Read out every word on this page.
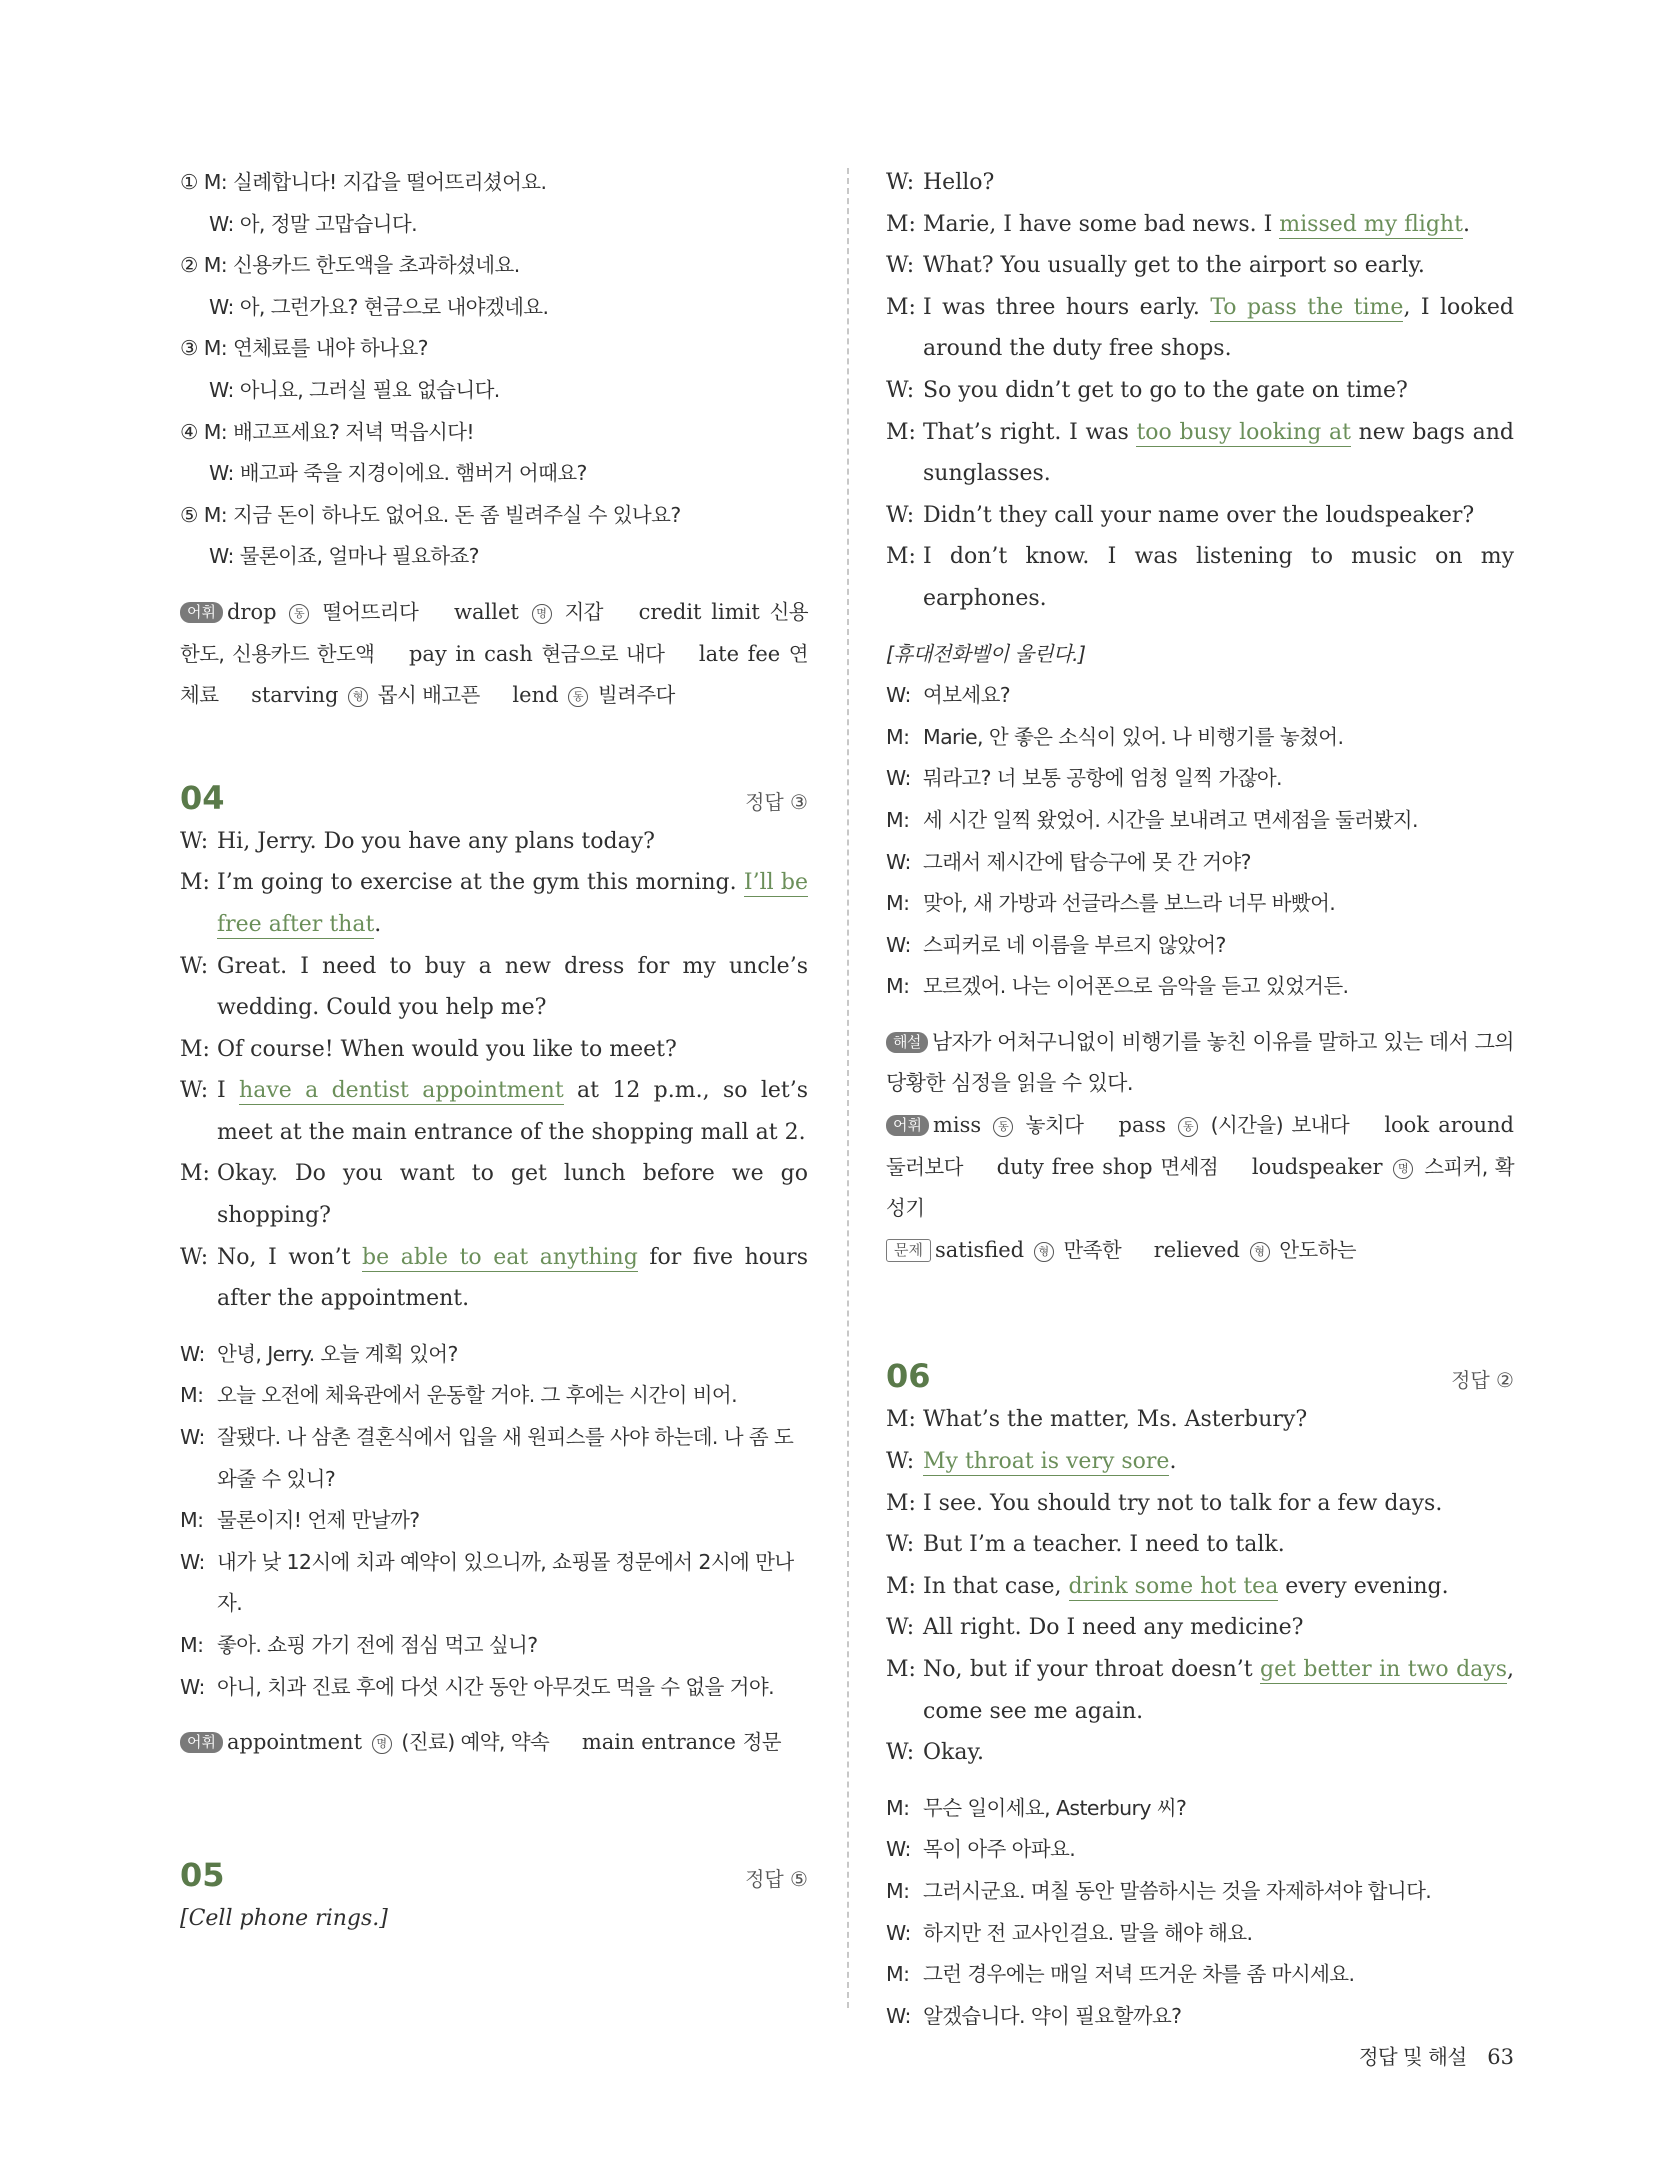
① M: 실례합니다! 지갑을 떨어뜨리셨어요.
W: 아, 정말 고맙습니다.
② M: 신용카드 한도액을 초과하셨네요.
W: 아, 그런가요? 현금으로 내야겠네요.
③ M: 연체료를 내야 하나요?
W: 아니요, 그러실 필요 없습니다.
④ M: 배고프세요? 저녁 먹읍시다!
W: 배고파 죽을 지경이에요. 햄버거 어때요?
⑤ M: 지금 돈이 하나도 없어요. 돈 좀 빌려주실 수 있나요?
W: 물론이죠, 얼마나 필요하죠?
어휘 drop 동 떨어뜨리다 wallet 명 지갑 credit limit 신용 한도, 신용카드 한도액 pay in cash 현금으로 내다 late fee 연체료 starving 형 몹시 배고픈 lend 동 빌려주다
04	정답 ③
W: Hi, Jerry. Do you have any plans today?
M: I’m going to exercise at the gym this morning. I’ll be free after that.
W: Great. I need to buy a new dress for my uncle’s wedding. Could you help me?
M: Of course! When would you like to meet?
W: I have a dentist appointment at 12 p.m., so let’s meet at the main entrance of the shopping mall at 2.
M: Okay. Do you want to get lunch before we go shopping?
W: No, I won’t be able to eat anything for five hours after the appointment.
W: 안녕, Jerry. 오늘 계획 있어?
M: 오늘 오전에 체육관에서 운동할 거야. 그 후에는 시간이 비어.
W: 잘됐다. 나 삼촌 결혼식에서 입을 새 원피스를 사야 하는데. 나 좀 도와줄 수 있니?
M: 물론이지! 언제 만날까?
W: 내가 낮 12시에 치과 예약이 있으니까, 쇼핑몰 정문에서 2시에 만나자.
M: 좋아. 쇼핑 가기 전에 점심 먹고 싶니?
W: 아니, 치과 진료 후에 다섯 시간 동안 아무것도 먹을 수 없을 거야.
어휘 appointment 명 (진료) 예약, 약속 main entrance 정문
05	정답 ⑤
[Cell phone rings.]
W: Hello?
M: Marie, I have some bad news. I missed my flight.
W: What? You usually get to the airport so early.
M: I was three hours early. To pass the time, I looked around the duty free shops.
W: So you didn’t get to go to the gate on time?
M: That’s right. I was too busy looking at new bags and sunglasses.
W: Didn’t they call your name over the loudspeaker?
M: I don’t know. I was listening to music on my earphones.
[휴대전화벨이 울린다.]
W: 여보세요?
M: Marie, 안 좋은 소식이 있어. 나 비행기를 놓쳤어.
W: 뭐라고? 너 보통 공항에 엄청 일찍 가잖아.
M: 세 시간 일찍 왔었어. 시간을 보내려고 면세점을 둘러봤지.
W: 그래서 제시간에 탑승구에 못 간 거야?
M: 맞아, 새 가방과 선글라스를 보느라 너무 바빴어.
W: 스피커로 네 이름을 부르지 않았어?
M: 모르겠어. 나는 이어폰으로 음악을 듣고 있었거든.
해설 남자가 어처구니없이 비행기를 놓친 이유를 말하고 있는 데서 그의 당황한 심정을 읽을 수 있다.
어휘 miss 동 놓치다 pass 동 (시간을) 보내다 look around 둘러보다 duty free shop 면세점 loudspeaker 명 스피커, 확성기
문제 satisfied 형 만족한 relieved 형 안도하는
06	정답 ②
M: What’s the matter, Ms. Asterbury?
W: My throat is very sore.
M: I see. You should try not to talk for a few days.
W: But I’m a teacher. I need to talk.
M: In that case, drink some hot tea every evening.
W: All right. Do I need any medicine?
M: No, but if your throat doesn’t get better in two days, come see me again.
W: Okay.
M: 무슨 일이세요, Asterbury 씨?
W: 목이 아주 아파요.
M: 그러시군요. 며칠 동안 말씀하시는 것을 자제하셔야 합니다.
W: 하지만 전 교사인걸요. 말을 해야 해요.
M: 그런 경우에는 매일 저녁 뜨거운 차를 좀 마시세요.
W: 알겠습니다. 약이 필요할까요?
정답 및 해설 63
